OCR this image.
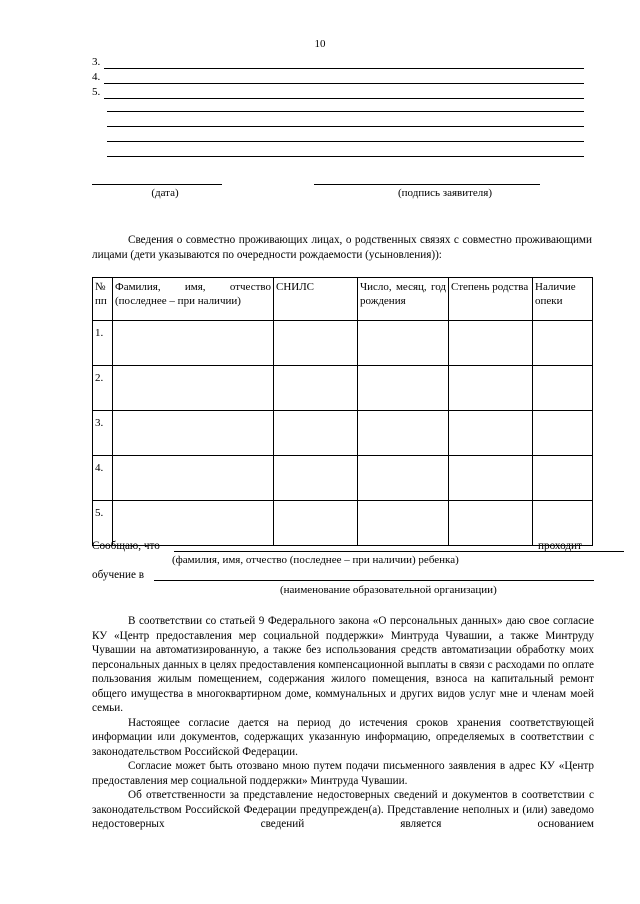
10
3.
4.
5.
(дата)	(подпись заявителя)

Сведения о совместно проживающих лицах, о родственных связях с совместно проживающими лицами (дети указываются по очередности рождаемости (усыновления)):

№ пп	Фамилия, имя, отчество (последнее – при наличии)	СНИЛС	Число, месяц, год рождения	Степень родства	Наличие опеки
1.					
2.					
3.					
4.					
5.					
Сообщаю, что	проходит
(фамилия, имя, отчество (последнее – при наличии) ребенка)
обучение в
(наименование образовательной организации)

В соответствии со статьей 9 Федерального закона «О персональных данных» даю свое согласие КУ «Центр предоставления мер социальной поддержки» Минтруда Чувашии, а также Минтруду Чувашии на автоматизированную, а также без использования средств автоматизации обработку моих персональных данных в целях предоставления компенсационной выплаты в связи с расходами по оплате пользования жилым помещением, содержания жилого помещения, взноса на капитальный ремонт общего имущества в многоквартирном доме, коммунальных и других видов услуг мне и членам моей семьи.

Настоящее согласие дается на период до истечения сроков хранения соответствующей информации или документов, содержащих указанную информацию, определяемых в соответствии с законодательством Российской Федерации.

Согласие может быть отозвано мною путем подачи письменного заявления в адрес КУ «Центр предоставления мер социальной поддержки» Минтруда Чувашии.

Об ответственности за представление недостоверных сведений и документов в соответствии с законодательством Российской Федерации предупрежден(а). Представление неполных и (или) заведомо недостоверных сведений является основанием
